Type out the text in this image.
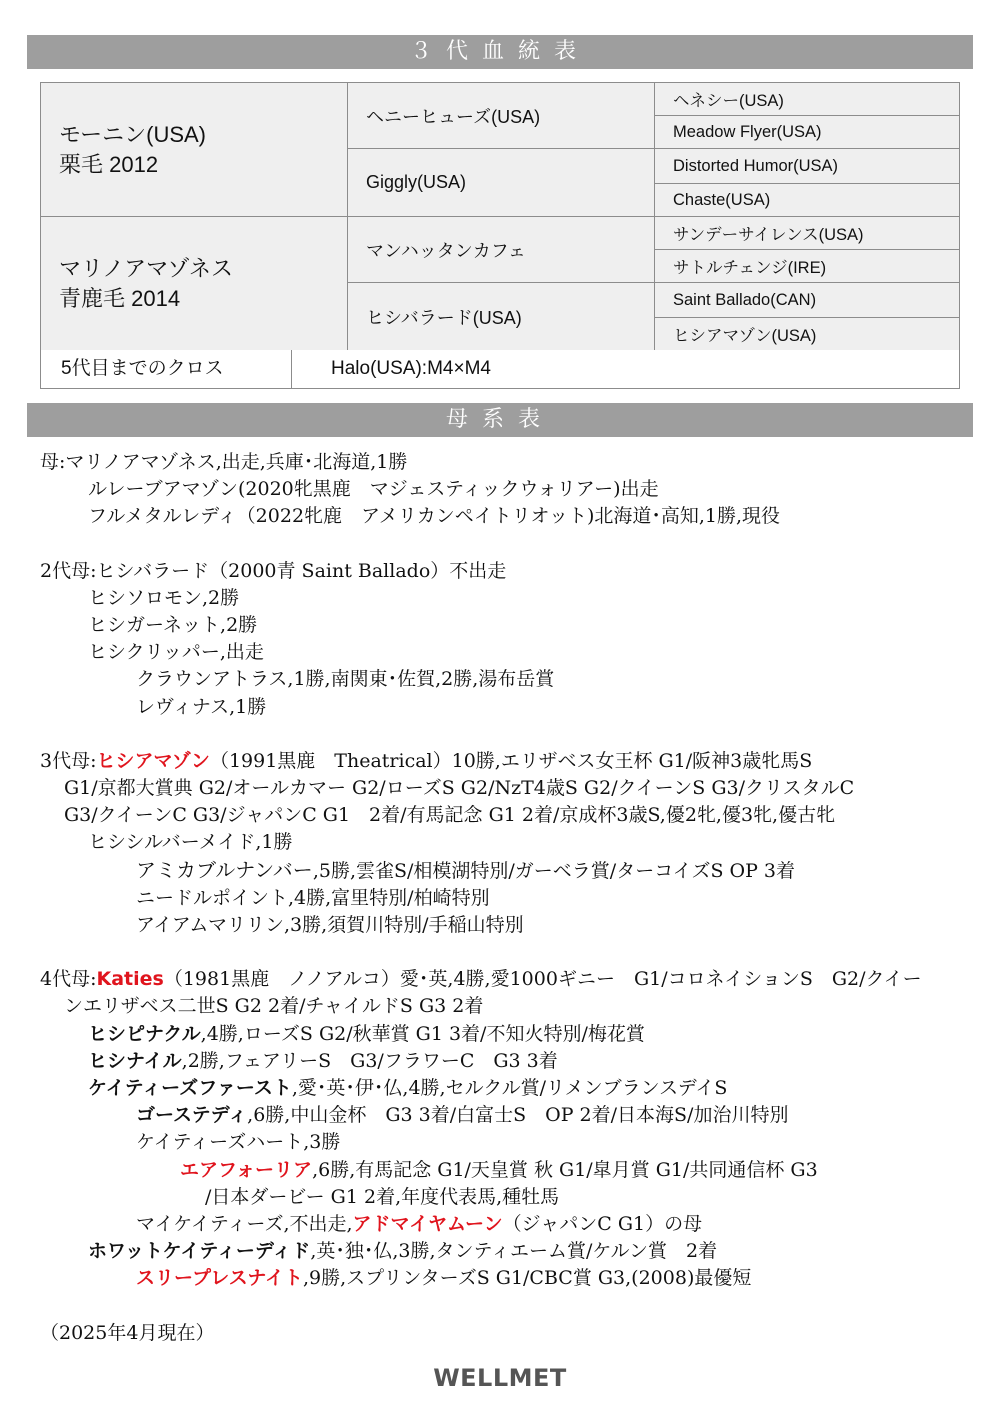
３代血統表
モーニン(USA)
栗毛 2012	ヘニーヒューズ(USA)	ヘネシー(USA)
		Meadow Flyer(USA)
	Giggly(USA)	Distorted Humor(USA)
		Chaste(USA)

マリノアマゾネス
青鹿毛 2014	マンハッタンカフェ	サンデーサイレンス(USA)
		サトルチェンジ(IRE)
	ヒシバラード(USA)	Saint Ballado(CAN)
		ヒシアマゾン(USA)
5代目までのクロス	Halo(USA):M4×M4
母系表
母:マリノアマゾネス,出走,兵庫･北海道,1勝
ルレーブアマゾン(2020牝黒鹿　マジェスティックウォリアー)出走
フルメタルレディ（2022牝鹿　アメリカンペイトリオット)北海道･高知,1勝,現役
2代母:ヒシバラード（2000青 Saint Ballado）不出走
ヒシソロモン,2勝
ヒシガーネット,2勝
ヒシクリッパー,出走
クラウンアトラス,1勝,南関東･佐賀,2勝,湯布岳賞
レヴィナス,1勝
3代母:ヒシアマゾン（1991黒鹿　Theatrical）10勝,エリザベス女王杯 G1/阪神3歳牝馬S
G1/京都大賞典 G2/オールカマー G2/ローズS G2/NzT4歳S G2/クイーンS G3/クリスタルC
G3/クイーンC G3/ジャパンC G1　2着/有馬記念 G1 2着/京成杯3歳S,優2牝,優3牝,優古牝
ヒシシルバーメイド,1勝
アミカブルナンバー,5勝,雲雀S/相模湖特別/ガーベラ賞/ターコイズS OP 3着
ニードルポイント,4勝,富里特別/柏崎特別
アイアムマリリン,3勝,須賀川特別/手稲山特別
4代母:Katies（1981黒鹿　ノノアルコ）愛･英,4勝,愛1000ギニー　G1/コロネイションS　G2/クイー
ンエリザベス二世S G2 2着/チャイルドS G3 2着
ヒシピナクル,4勝,ローズS G2/秋華賞 G1 3着/不知火特別/梅花賞
ヒシナイル,2勝,フェアリーS　G3/フラワーC　G3 3着
ケイティーズファースト,愛･英･伊･仏,4勝,セルクル賞/リメンブランスデイS
ゴーステディ,6勝,中山金杯　G3 3着/白富士S　OP 2着/日本海S/加治川特別
ケイティーズハート,3勝
エアフォーリア,6勝,有馬記念 G1/天皇賞 秋 G1/皐月賞 G1/共同通信杯 G3
/日本ダービー G1 2着,年度代表馬,種牡馬
マイケイティーズ,不出走,アドマイヤムーン（ジャパンC G1）の母
ホワットケイティーディド,英･独･仏,3勝,タンティエーム賞/ケルン賞　2着
スリープレスナイト,9勝,スプリンターズS G1/CBC賞 G3,(2008)最優短
（2025年4月現在）
WELLMET
